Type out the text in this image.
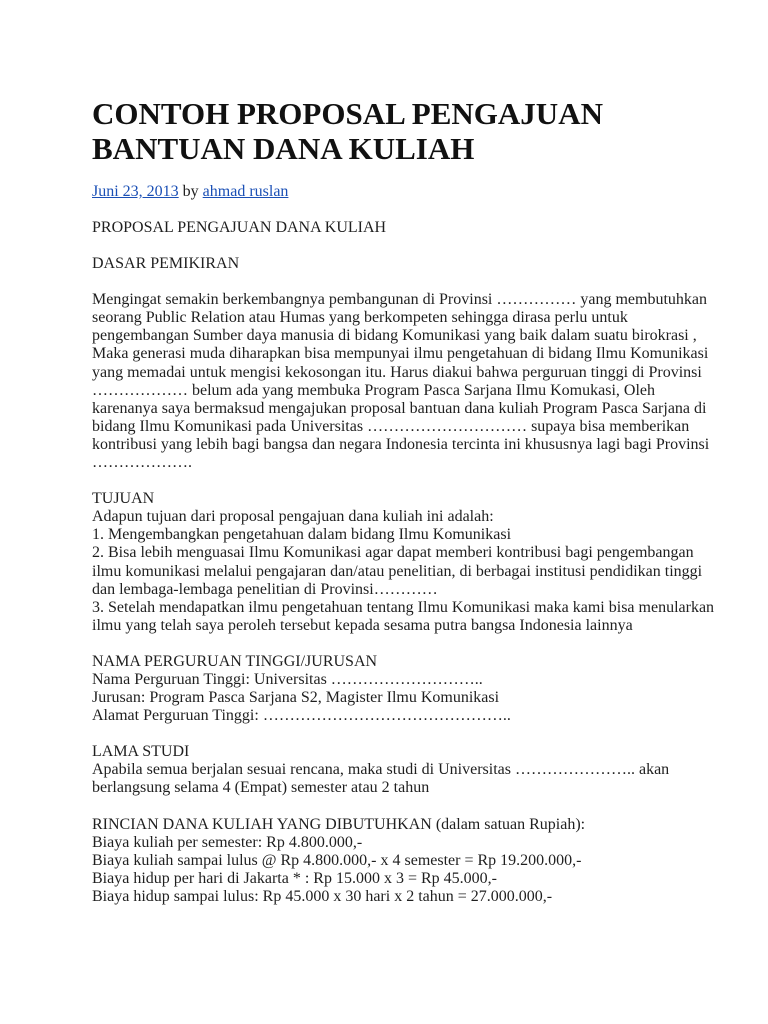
CONTOH PROPOSAL PENGAJUAN
BANTUAN DANA KULIAH
Juni 23, 2013 by ahmad ruslan
PROPOSAL PENGAJUAN DANA KULIAH
DASAR PEMIKIRAN
Mengingat semakin berkembangnya pembangunan di Provinsi …………… yang membutuhkan
seorang Public Relation atau Humas yang berkompeten sehingga dirasa perlu untuk
pengembangan Sumber daya manusia di bidang Komunikasi yang baik dalam suatu birokrasi ,
Maka generasi muda diharapkan bisa mempunyai ilmu pengetahuan di bidang Ilmu Komunikasi
yang memadai untuk mengisi kekosongan itu. Harus diakui bahwa perguruan tinggi di Provinsi
……………… belum ada yang membuka Program Pasca Sarjana Ilmu Komukasi, Oleh
karenanya saya bermaksud mengajukan proposal bantuan dana kuliah Program Pasca Sarjana di
bidang Ilmu Komunikasi pada Universitas ………………………… supaya bisa memberikan
kontribusi yang lebih bagi bangsa dan negara Indonesia tercinta ini khususnya lagi bagi Provinsi
……………….
TUJUAN
Adapun tujuan dari proposal pengajuan dana kuliah ini adalah:
1. Mengembangkan pengetahuan dalam bidang Ilmu Komunikasi
2. Bisa lebih menguasai Ilmu Komunikasi agar dapat memberi kontribusi bagi pengembangan
ilmu komunikasi melalui pengajaran dan/atau penelitian, di berbagai institusi pendidikan tinggi
dan lembaga-lembaga penelitian di Provinsi…………
3. Setelah mendapatkan ilmu pengetahuan tentang Ilmu Komunikasi maka kami bisa menularkan
ilmu yang telah saya peroleh tersebut kepada sesama putra bangsa Indonesia lainnya
NAMA PERGURUAN TINGGI/JURUSAN
Nama Perguruan Tinggi: Universitas ………………………..
Jurusan: Program Pasca Sarjana S2, Magister Ilmu Komunikasi
Alamat Perguruan Tinggi: ………………………………………..
LAMA STUDI
Apabila semua berjalan sesuai rencana, maka studi di Universitas ………………….. akan
berlangsung selama 4 (Empat) semester atau 2 tahun
RINCIAN DANA KULIAH YANG DIBUTUHKAN (dalam satuan Rupiah):
Biaya kuliah per semester: Rp 4.800.000,-
Biaya kuliah sampai lulus @ Rp 4.800.000,- x 4 semester = Rp 19.200.000,-
Biaya hidup per hari di Jakarta * : Rp 15.000 x 3 = Rp 45.000,-
Biaya hidup sampai lulus: Rp 45.000 x 30 hari x 2 tahun = 27.000.000,-
